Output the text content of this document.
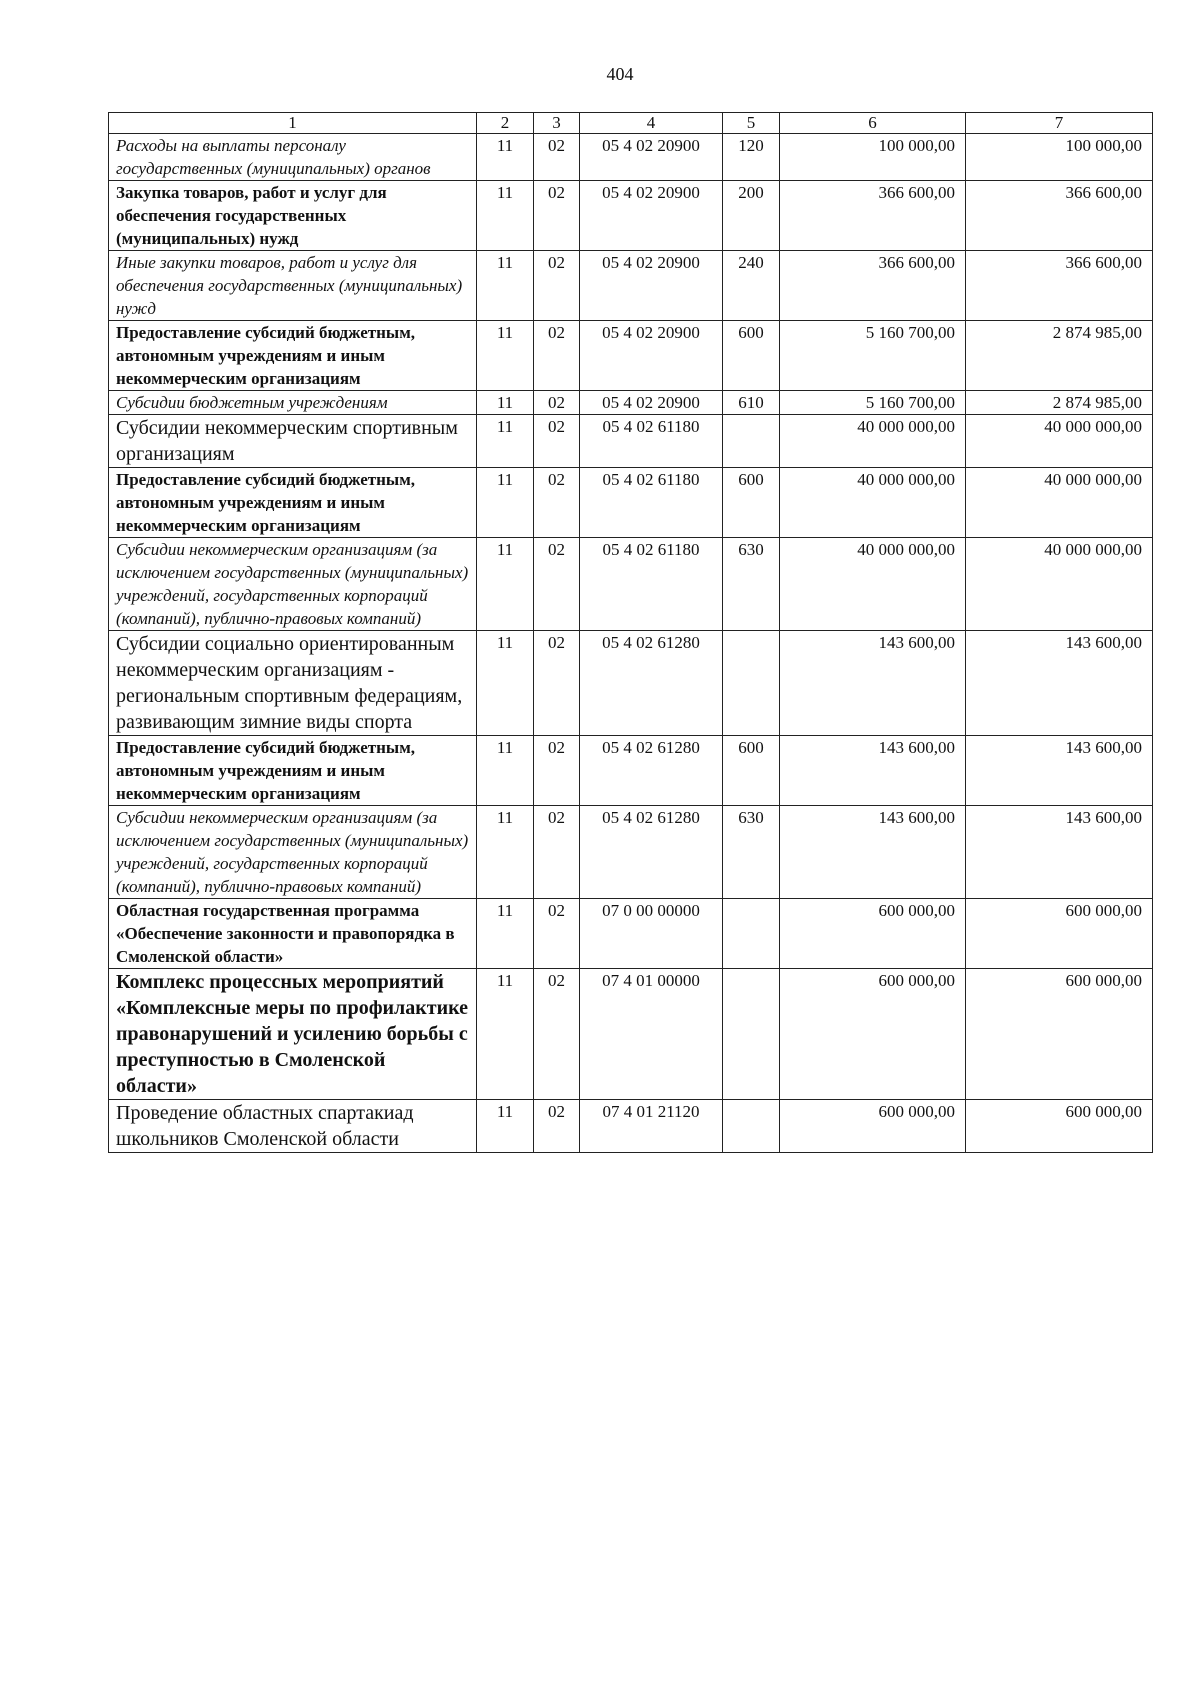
404
1	2	3	4	5	6	7
Расходы на выплаты персоналу государственных (муниципальных) органов	11	02	05 4 02 20900	120	100 000,00	100 000,00
Закупка товаров, работ и услуг для обеспечения государственных (муниципальных) нужд	11	02	05 4 02 20900	200	366 600,00	366 600,00
Иные закупки товаров, работ и услуг для обеспечения государственных (муниципальных) нужд	11	02	05 4 02 20900	240	366 600,00	366 600,00
Предоставление субсидий бюджетным, автономным учреждениям и иным некоммерческим организациям	11	02	05 4 02 20900	600	5 160 700,00	2 874 985,00
Субсидии бюджетным учреждениям	11	02	05 4 02 20900	610	5 160 700,00	2 874 985,00
Субсидии некоммерческим спортивным организациям	11	02	05 4 02 61180		40 000 000,00	40 000 000,00
Предоставление субсидий бюджетным, автономным учреждениям и иным некоммерческим организациям	11	02	05 4 02 61180	600	40 000 000,00	40 000 000,00
Субсидии некоммерческим организациям (за исключением государственных (муниципальных) учреждений, государственных корпораций (компаний), публично-правовых компаний)	11	02	05 4 02 61180	630	40 000 000,00	40 000 000,00
Субсидии социально ориентированным некоммерческим организациям - региональным спортивным федерациям, развивающим зимние виды спорта	11	02	05 4 02 61280		143 600,00	143 600,00
Предоставление субсидий бюджетным, автономным учреждениям и иным некоммерческим организациям	11	02	05 4 02 61280	600	143 600,00	143 600,00
Субсидии некоммерческим организациям (за исключением государственных (муниципальных) учреждений, государственных корпораций (компаний), публично-правовых компаний)	11	02	05 4 02 61280	630	143 600,00	143 600,00
Областная государственная программа «Обеспечение законности и правопорядка в Смоленской области»	11	02	07 0 00 00000		600 000,00	600 000,00
Комплекс процессных мероприятий «Комплексные меры по профилактике правонарушений и усилению борьбы с преступностью в Смоленской области»	11	02	07 4 01 00000		600 000,00	600 000,00
Проведение областных спартакиад школьников Смоленской области	11	02	07 4 01 21120		600 000,00	600 000,00
